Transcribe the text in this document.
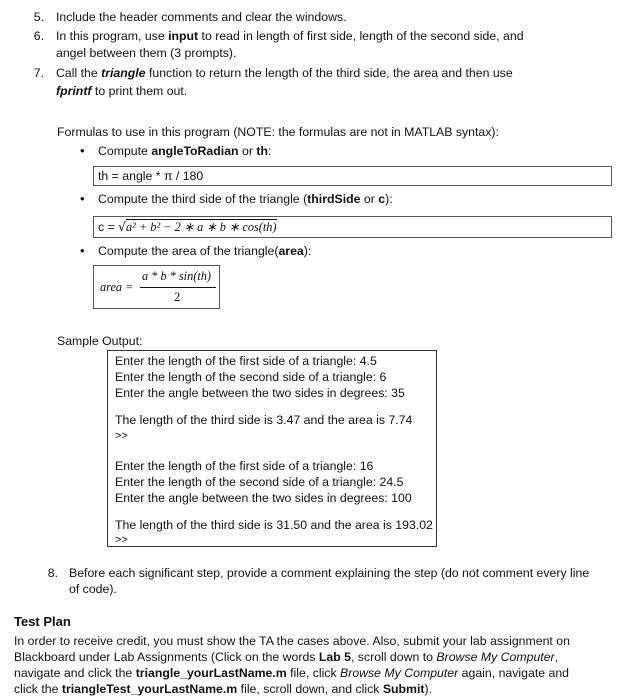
5. Include the header comments and clear the windows.
6. In this program, use input to read in length of first side, length of the second side, and
angel between them (3 prompts).
7. Call the triangle function to return the length of the third side, the area and then use
fprintf to print them out.
Formulas to use in this program (NOTE: the formulas are not in MATLAB syntax):
• Compute angleToRadian or th:
th = angle * π / 180
• Compute the third side of the triangle (thirdSide or c):
c = √a² + b² − 2 ∗ a ∗ b ∗ cos(th)
• Compute the area of the triangle(area):
area =
a * b * sin(th)
2
Sample Output:
Enter the length of the first side of a triangle: 4.5
Enter the length of the second side of a triangle: 6
Enter the angle between the two sides in degrees: 35
The length of the third side is 3.47 and the area is 7.74
>>
Enter the length of the first side of a triangle: 16
Enter the length of the second side of a triangle: 24.5
Enter the angle between the two sides in degrees: 100
The length of the third side is 31.50 and the area is 193.02
>>
8. Before each significant step, provide a comment explaining the step (do not comment every line
of code).
Test Plan
In order to receive credit, you must show the TA the cases above. Also, submit your lab assignment on
Blackboard under Lab Assignments (Click on the words Lab 5, scroll down to Browse My Computer,
navigate and click the triangle_yourLastName.m file, click Browse My Computer again, navigate and
click the triangleTest_yourLastName.m file, scroll down, and click Submit).
